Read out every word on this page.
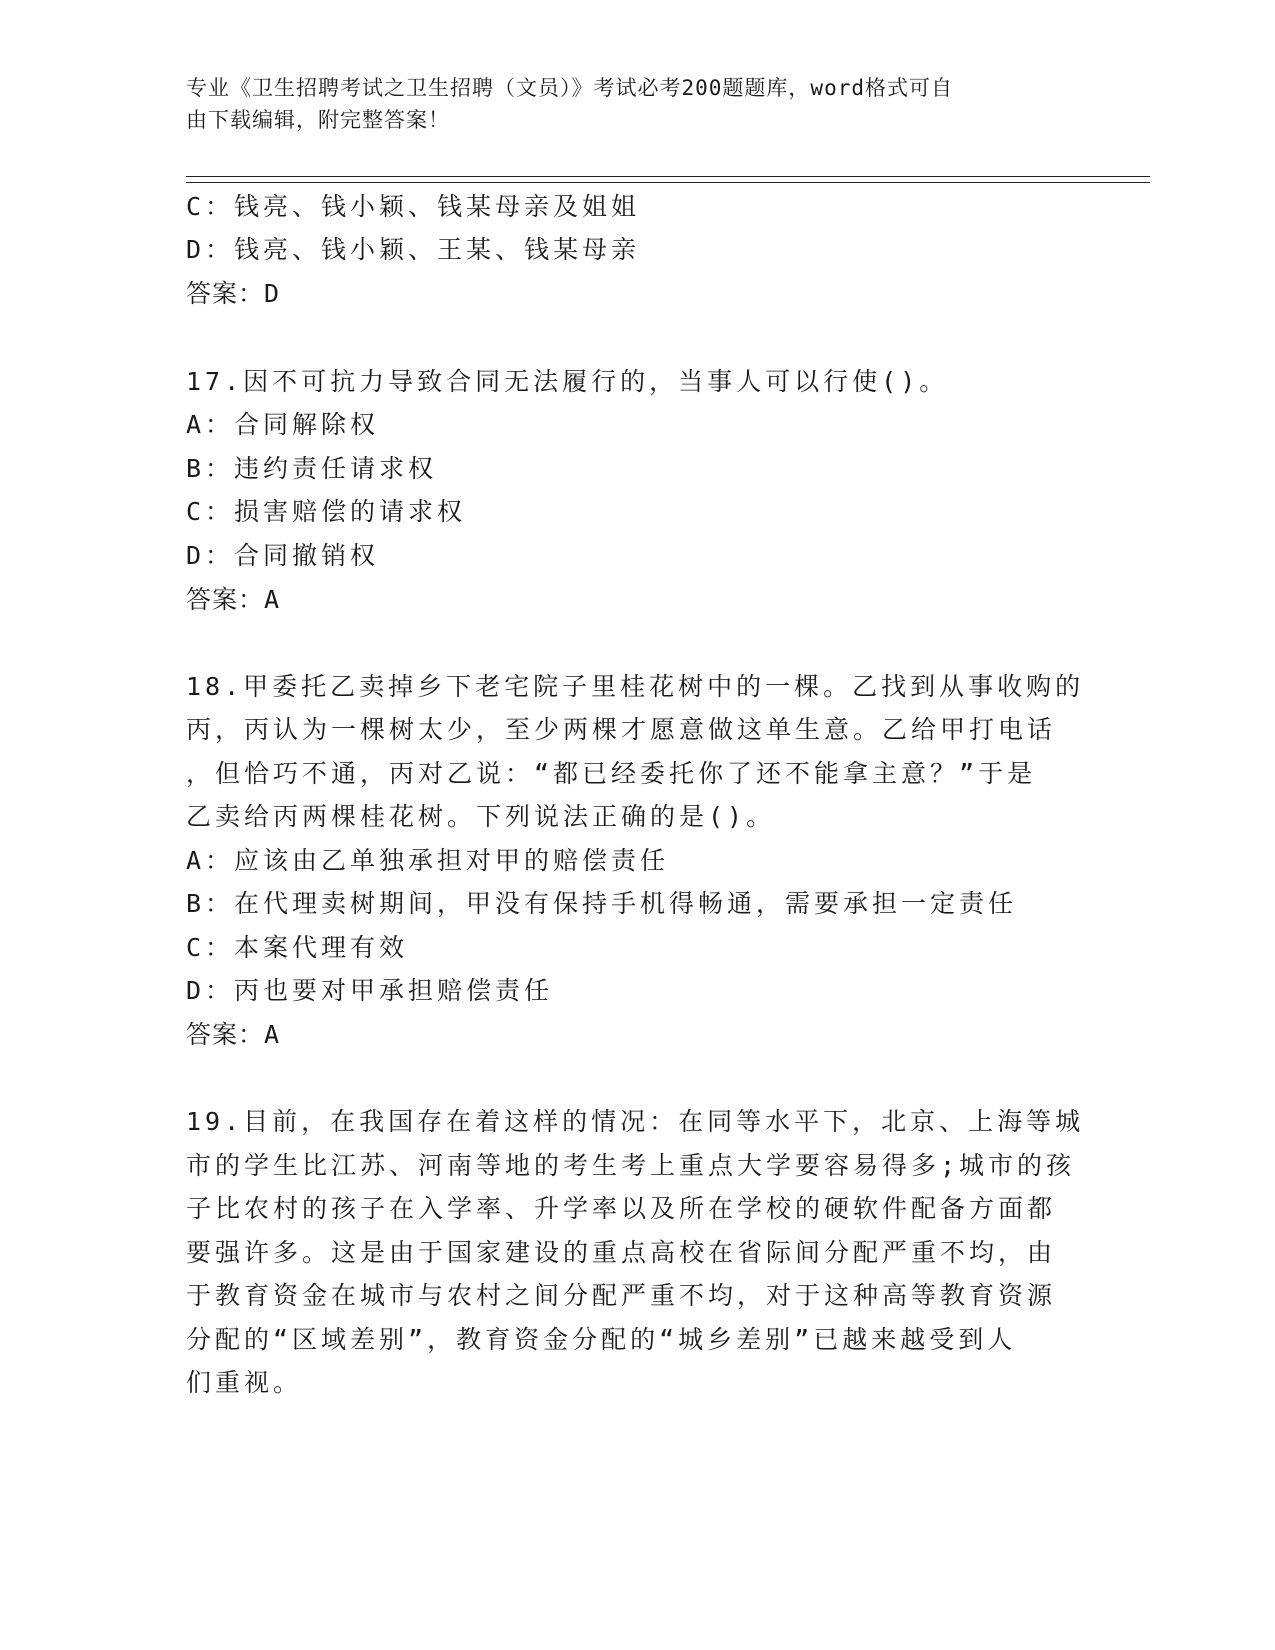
专业《卫生招聘考试之卫生招聘（文员）》考试必考200题题库，word格式可自
由下载编辑，附完整答案！
C：钱亮、钱小颖、钱某母亲及姐姐
D：钱亮、钱小颖、王某、钱某母亲
答案：D
17.因不可抗力导致合同无法履行的，当事人可以行使()。
A：合同解除权
B：违约责任请求权
C：损害赔偿的请求权
D：合同撤销权
答案：A
18.甲委托乙卖掉乡下老宅院子里桂花树中的一棵。乙找到从事收购的
丙，丙认为一棵树太少，至少两棵才愿意做这单生意。乙给甲打电话
，但恰巧不通，丙对乙说：“都已经委托你了还不能拿主意？”于是
乙卖给丙两棵桂花树。下列说法正确的是()。
A：应该由乙单独承担对甲的赔偿责任
B：在代理卖树期间，甲没有保持手机得畅通，需要承担一定责任
C：本案代理有效
D：丙也要对甲承担赔偿责任
答案：A
19.目前，在我国存在着这样的情况：在同等水平下，北京、上海等城
市的学生比江苏、河南等地的考生考上重点大学要容易得多;城市的孩
子比农村的孩子在入学率、升学率以及所在学校的硬软件配备方面都
要强许多。这是由于国家建设的重点高校在省际间分配严重不均，由
于教育资金在城市与农村之间分配严重不均，对于这种高等教育资源
分配的“区域差别”，教育资金分配的“城乡差别”已越来越受到人
们重视。
